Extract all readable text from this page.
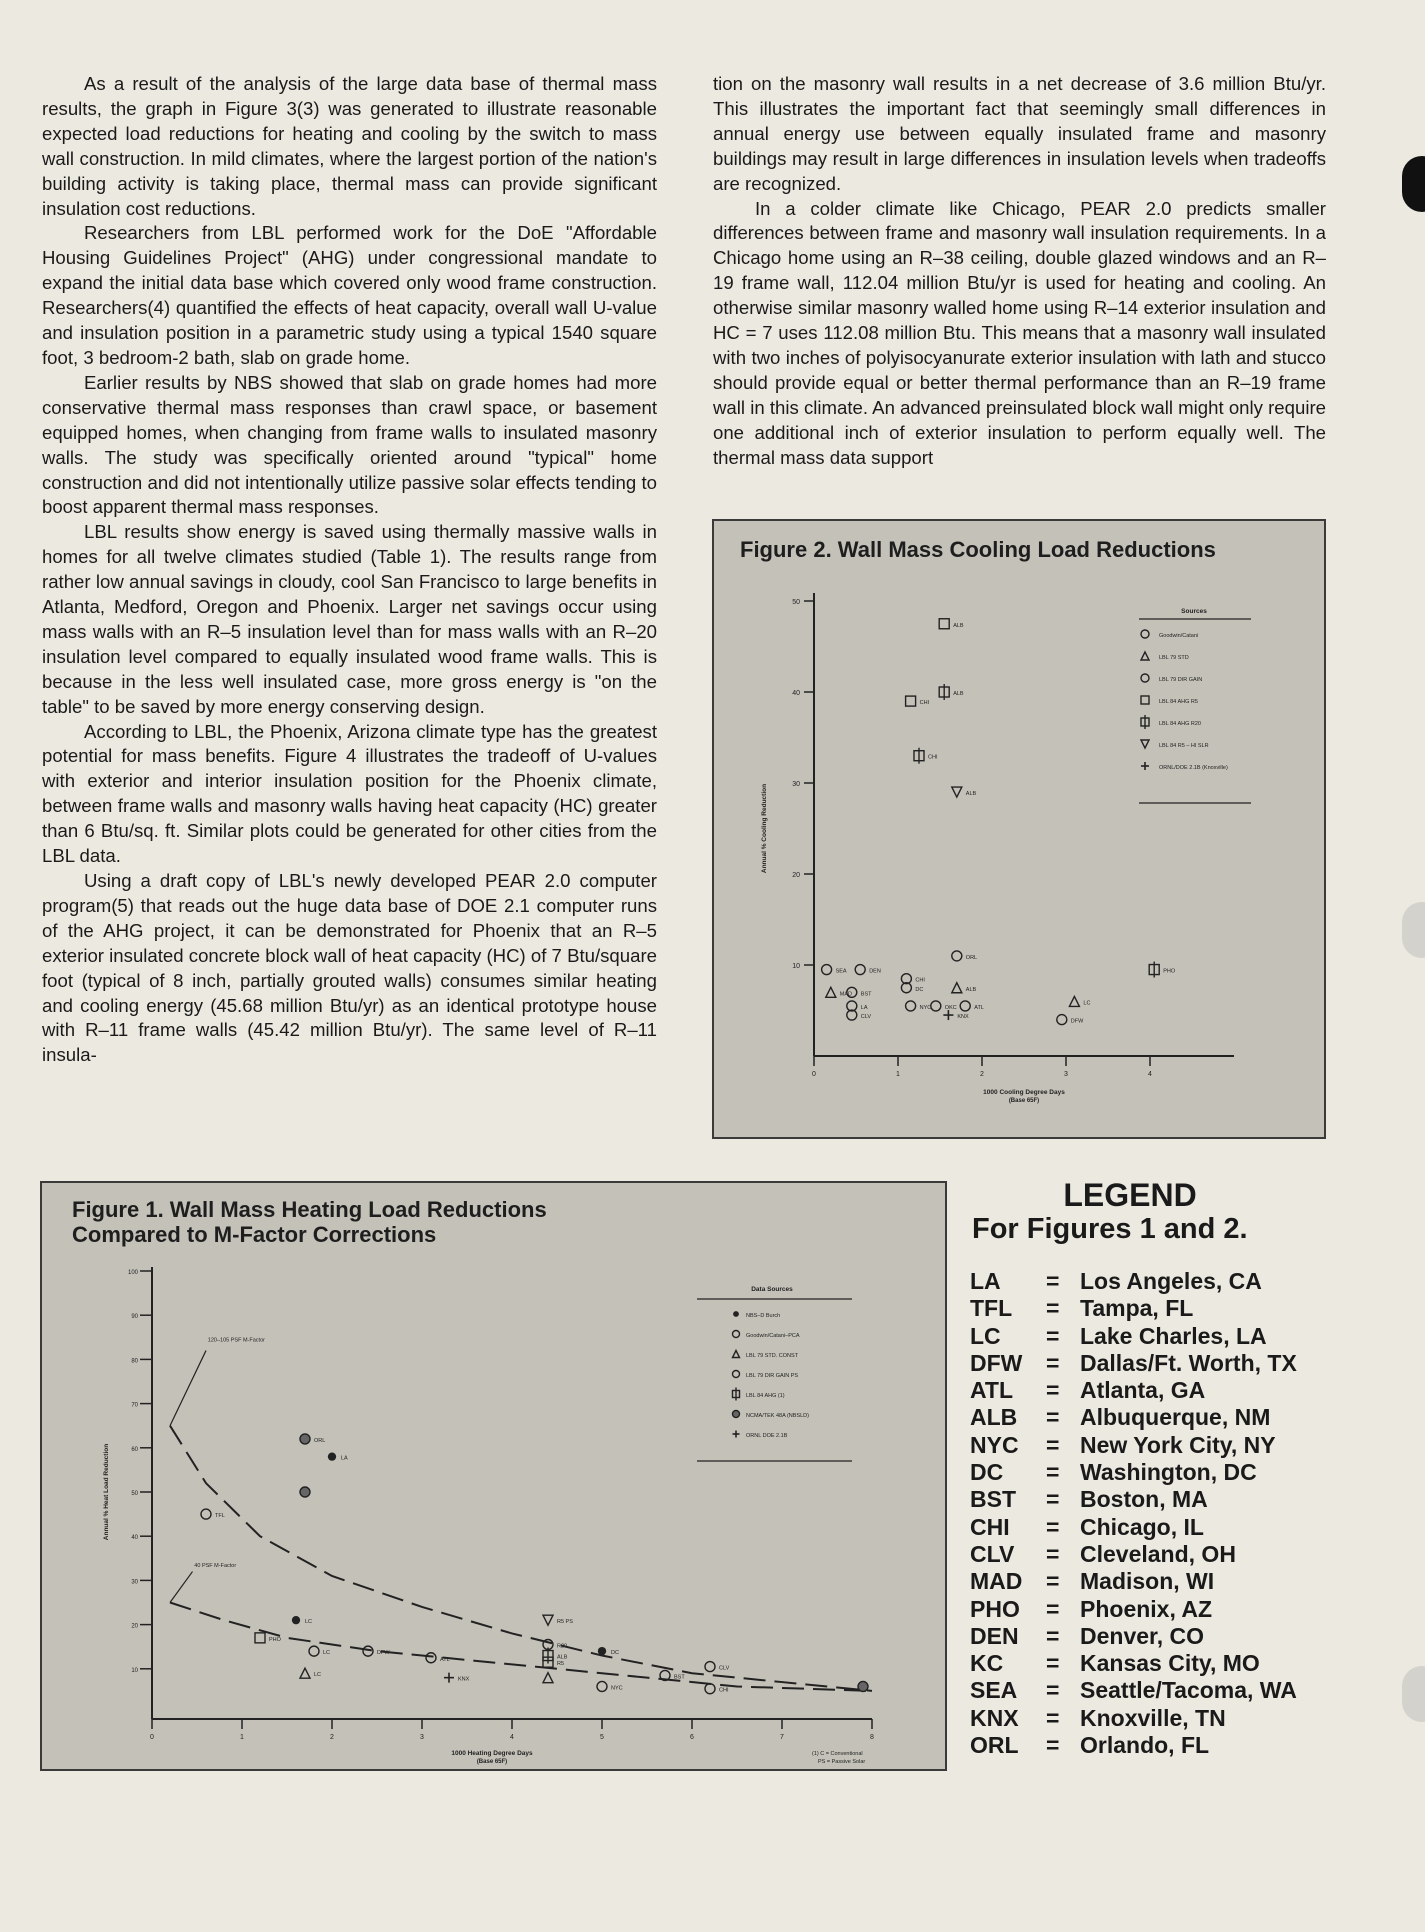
As a result of the analysis of the large data base of thermal mass results, the graph in Figure 3(3) was generated to illustrate reasonable expected load reductions for heating and cooling by the switch to mass wall construction. In mild climates, where the largest portion of the nation's building activity is taking place, thermal mass can provide significant insulation cost reductions.

Researchers from LBL performed work for the DoE "Affordable Housing Guidelines Project" (AHG) under congressional mandate to expand the initial data base which covered only wood frame construction. Researchers(4) quantified the effects of heat capacity, overall wall U-value and insulation position in a parametric study using a typical 1540 square foot, 3 bedroom-2 bath, slab on grade home.

Earlier results by NBS showed that slab on grade homes had more conservative thermal mass responses than crawl space, or basement equipped homes, when changing from frame walls to insulated masonry walls. The study was specifically oriented around "typical" home construction and did not intentionally utilize passive solar effects tending to boost apparent thermal mass responses.

LBL results show energy is saved using thermally massive walls in homes for all twelve climates studied (Table 1). The results range from rather low annual savings in cloudy, cool San Francisco to large benefits in Atlanta, Medford, Oregon and Phoenix. Larger net savings occur using mass walls with an R–5 insulation level than for mass walls with an R–20 insulation level compared to equally insulated wood frame walls. This is because in the less well insulated case, more gross energy is "on the table" to be saved by more energy conserving design.

According to LBL, the Phoenix, Arizona climate type has the greatest potential for mass benefits. Figure 4 illustrates the tradeoff of U-values with exterior and interior insulation position for the Phoenix climate, between frame walls and masonry walls having heat capacity (HC) greater than 6 Btu/sq. ft. Similar plots could be generated for other cities from the LBL data.

Using a draft copy of LBL's newly developed PEAR 2.0 computer program(5) that reads out the huge data base of DOE 2.1 computer runs of the AHG project, it can be demonstrated for Phoenix that an R–5 exterior insulated concrete block wall of heat capacity (HC) of 7 Btu/square foot (typical of 8 inch, partially grouted walls) consumes similar heating and cooling energy (45.68 million Btu/yr) as an identical prototype house with R–11 frame walls (45.42 million Btu/yr). The same level of R–11 insula-

tion on the masonry wall results in a net decrease of 3.6 million Btu/yr. This illustrates the important fact that seemingly small differences in annual energy use between equally insulated frame and masonry buildings may result in large differences in insulation levels when tradeoffs are recognized.

In a colder climate like Chicago, PEAR 2.0 predicts smaller differences between frame and masonry wall insulation requirements. In a Chicago home using an R–38 ceiling, double glazed windows and an R–19 frame wall, 112.04 million Btu/yr is used for heating and cooling. An otherwise similar masonry walled home using R–14 exterior insulation and HC = 7 uses 112.08 million Btu. This means that a masonry wall insulated with two inches of polyisocyanurate exterior insulation with lath and stucco should provide equal or better thermal performance than an R–19 frame wall in this climate. An advanced preinsulated block wall might only require one additional inch of exterior insulation to perform equally well. The thermal mass data support

Figure 2. Wall Mass Cooling Load Reductions
10
20
30
40
50
0	1	2	3	4
1000 Cooling Degree Days
(Base 65F)
Annual % Cooling Reduction
Sources
Goodwin/Catani
LBL 79 STD
LBL 79 DIR GAIN
LBL 84 AHG R5
LBL 84 AHG R20
LBL 84 R5 – HI SLR
ORNL/DOE 2.1B (Knoxville)
ALB
ALB
CHI
CHI
ALB
SEA	DEN
MAD BST
LA
CLV
CHI
DC
NYC
ALB
ORL
OKC	ATL
KNX
LC
DFW
PHO
Figure 1. Wall Mass Heating Load Reductions
Compared to M-Factor Corrections
10
20
30
40
50
60
70
80
90
100
0	1	2	3	4	5	6	7	8
1000 Heating Degree Days
(Base 65F)
Annual % Heat Load Reduction
(1) C = Conventional
PS = Passive Solar
120–105 PSF M-Factor
40 PSF M-Factor
Data Sources
NBS–D Burch
Goodwin/Catani–PCA
LBL 79 STD. CONST
LBL 79 DIR GAIN PS
LBL 84 AHG (1)
NCMA/TEK 48A (NBSLD)
ORNL DOE 2.1B
ORL
LA
TFL
LC
PHO
LC
LC
DFW
ATL
KNX
R5 PS
R20
R5
ALB
DC
NYC
BST
CLV
CHI
LEGEND
For Figures 1 and 2.
LA = Los Angeles, CA
TFL = Tampa, FL
LC = Lake Charles, LA
DFW = Dallas/Ft. Worth, TX
ATL = Atlanta, GA
ALB = Albuquerque, NM
NYC = New York City, NY
DC = Washington, DC
BST = Boston, MA
CHI = Chicago, IL
CLV = Cleveland, OH
MAD = Madison, WI
PHO = Phoenix, AZ
DEN = Denver, CO
KC = Kansas City, MO
SEA = Seattle/Tacoma, WA
KNX = Knoxville, TN
ORL = Orlando, FL
